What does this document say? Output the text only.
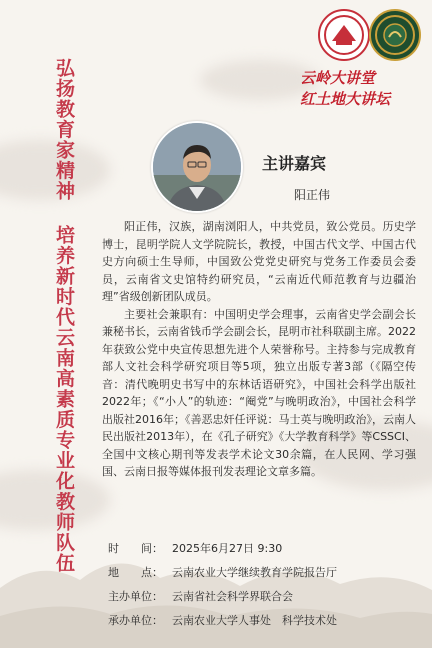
弘扬教育家精神 培养新时代云南高素质专业化教师队伍	云岭大讲堂
红土地大讲坛
主讲嘉宾
阳正伟

阳正伟，汉族，湖南浏阳人，中共党员，致公党员。历史学博士，昆明学院人文学院院长，教授，中国古代文学、中国古代史方向硕士生导师，中国致公党党史研究与党务工作委员会委员，云南省文史馆特约研究员，“云南近代师范教育与边疆治理”省级创新团队成员。

主要社会兼职有：中国明史学会理事，云南省史学会副会长兼秘书长，云南省钱币学会副会长，昆明市社科联副主席。2022年获致公党中央宣传思想先进个人荣誉称号。主持参与完成教育部人文社会科学研究项目等5项，独立出版专著3部（《隔空传音：清代晚明史书写中的东林话语研究》，中国社会科学出版社2022年；《“小人”的轨迹：“阉党”与晚明政治》，中国社会科学出版社2016年；《善恶忠奸任评说：马士英与晚明政治》，云南人民出版社2013年），在《孔子研究》《大学教育科学》等CSSCI、全国中文核心期刊等发表学术论文30余篇，在人民网、学习强国、云南日报等媒体报刊发表理论文章多篇。

时　　间： 2025年6月27日 9:30
地　　点： 云南农业大学继续教育学院报告厅
主办单位： 云南省社会科学界联合会
承办单位： 云南农业大学人事处　科学技术处
